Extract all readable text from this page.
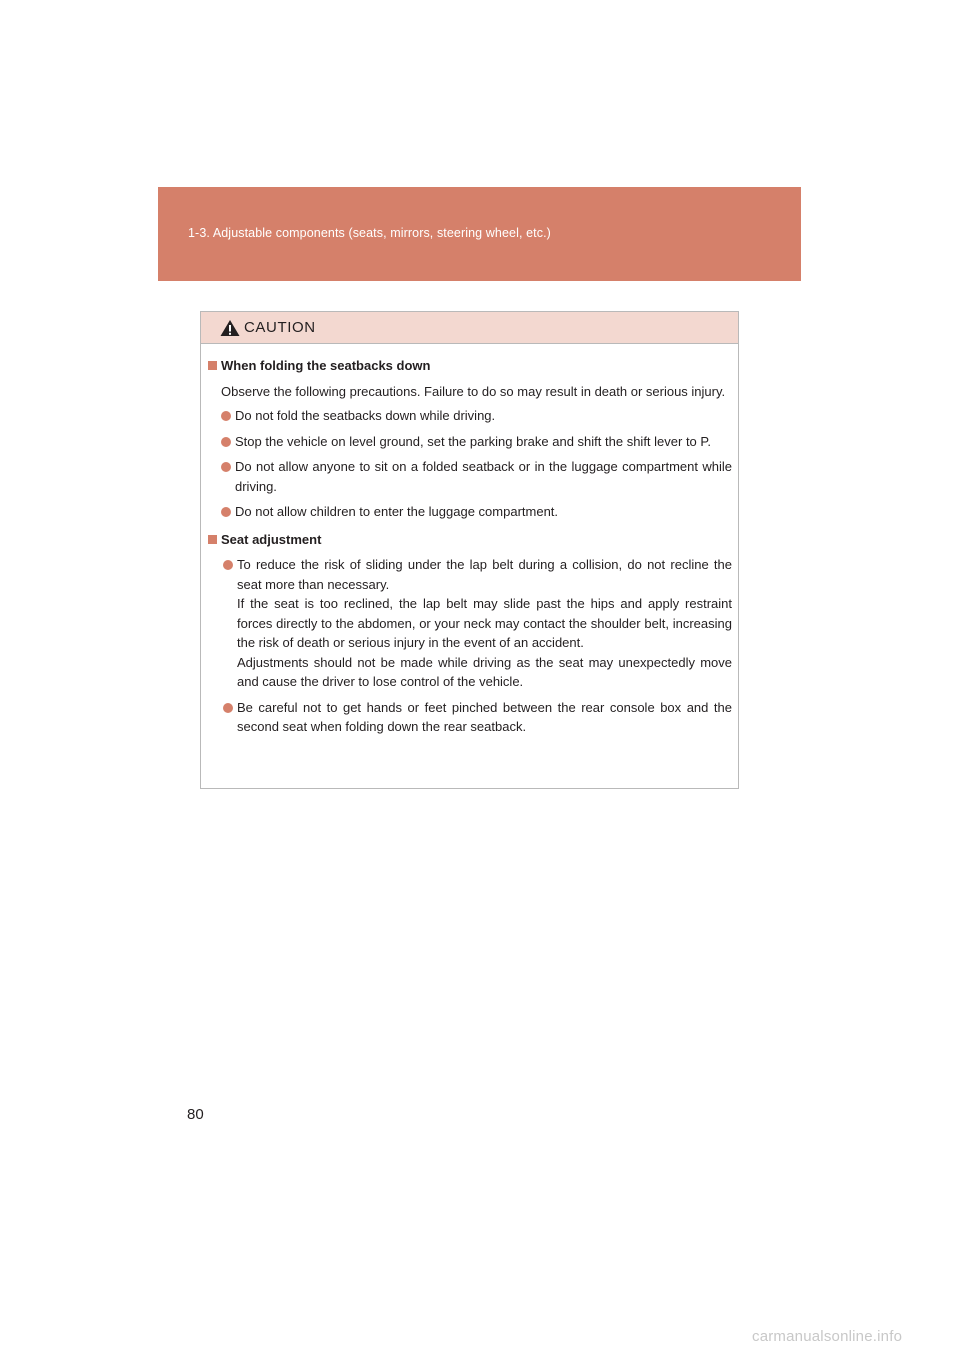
1-3. Adjustable components (seats, mirrors, steering wheel, etc.)
CAUTION
When folding the seatbacks down
Observe the following precautions. Failure to do so may result in death or serious injury.

Do not fold the seatbacks down while driving.

Stop the vehicle on level ground, set the parking brake and shift the shift lever to P.

Do not allow anyone to sit on a folded seatback or in the luggage compartment while driving.

Do not allow children to enter the luggage compartment.

Seat adjustment

To reduce the risk of sliding under the lap belt during a collision, do not recline the seat more than necessary.

If the seat is too reclined, the lap belt may slide past the hips and apply restraint forces directly to the abdomen, or your neck may contact the shoulder belt, increasing the risk of death or serious injury in the event of an accident.

Adjustments should not be made while driving as the seat may unexpectedly move and cause the driver to lose control of the vehicle.

Be careful not to get hands or feet pinched between the rear console box and the second seat when folding down the rear seatback.

80
carmanualsonline.info
